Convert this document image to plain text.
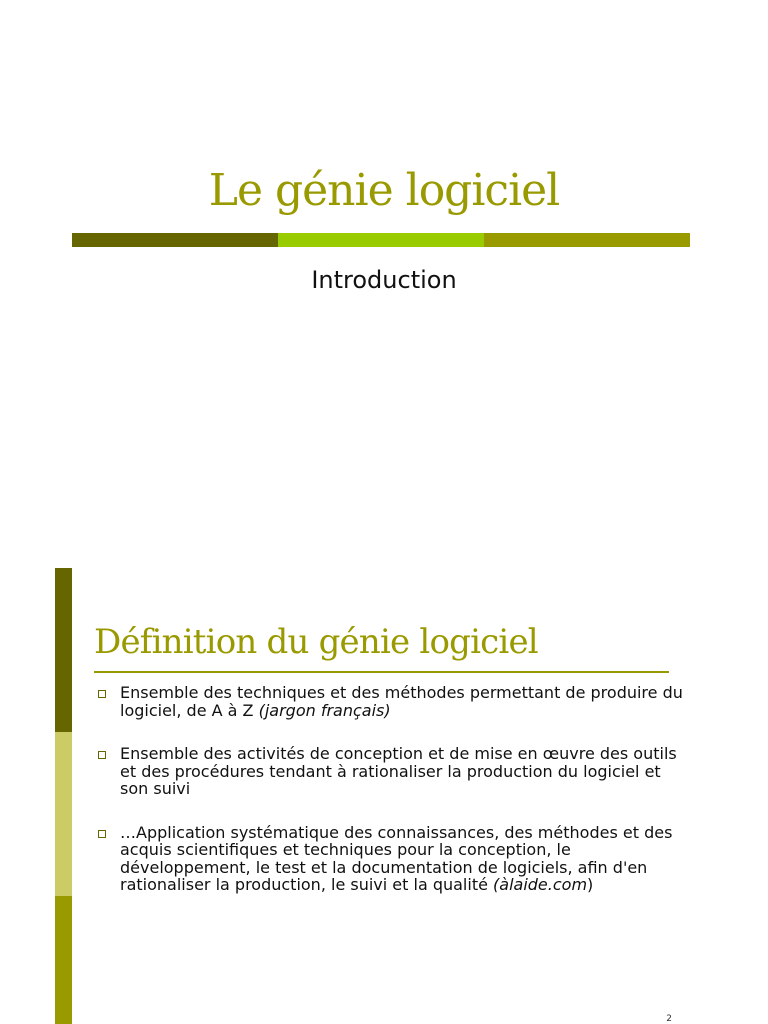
Le génie logiciel
Introduction
Définition du génie logiciel
Ensemble des techniques et des méthodes permettant de produire du logiciel, de A à Z (jargon français)
Ensemble des activités de conception et de mise en œuvre des outils et des procédures tendant à rationaliser la production du logiciel et son suivi
…Application systématique des connaissances, des méthodes et des acquis scientifiques et techniques pour la conception, le développement, le test et la documentation de logiciels, afin d'en rationaliser la production, le suivi et la qualité (àlaide.com)
2
